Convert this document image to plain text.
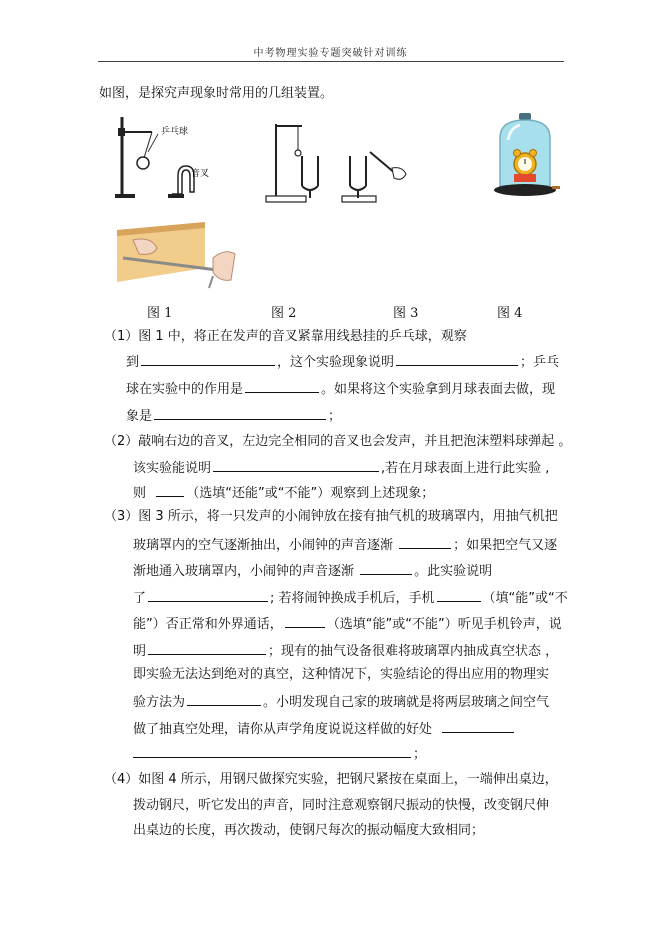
中考物理实验专题突破针对训练
如图，是探究声现象时常用的几组装置。
乒乓球
音叉
图 1	图 2	图 3	图 4
（1）图 1 中，将正在发声的音叉紧靠用线悬挂的乒乓球，观察
到	，这个实验现象说明	；乒乓
球在实验中的作用是	。如果将这个实验拿到月球表面去做，现
象是	；
（2）敲响右边的音叉，左边完全相同的音叉也会发声，并且把泡沫塑料球弹起 。
该实验能说明	,若在月球表面上进行此实验 ,
则	（选填“还能”或“不能”）观察到上述现象；
（3）图 3 所示，将一只发声的小闹钟放在接有抽气机的玻璃罩内，用抽气机把
玻璃罩内的空气逐渐抽出，小闹钟的声音逐渐	；如果把空气又逐
渐地通入玻璃罩内，小闹钟的声音逐渐	。此实验说明
了	; 若将闹钟换成手机后，手机	（填“能”或“不
能”）否正常和外界通话，	（选填“能”或“不能”）听见手机铃声，说
明	；现有的抽气设备很难将玻璃罩内抽成真空状态 ，
即实验无法达到绝对的真空，这种情况下，实验结论的得出应用的物理实
验方法为	。小明发现自己家的玻璃就是将两层玻璃之间空气
做了抽真空处理，请你从声学角度说说这样做的好处
；
（4）如图 4 所示，用钢尺做探究实验，把钢尺紧按在桌面上，一端伸出桌边，
拨动钢尺，听它发出的声音，同时注意观察钢尺振动的快慢，改变钢尺伸
出桌边的长度，再次拨动，使钢尺每次的振动幅度大致相同；
